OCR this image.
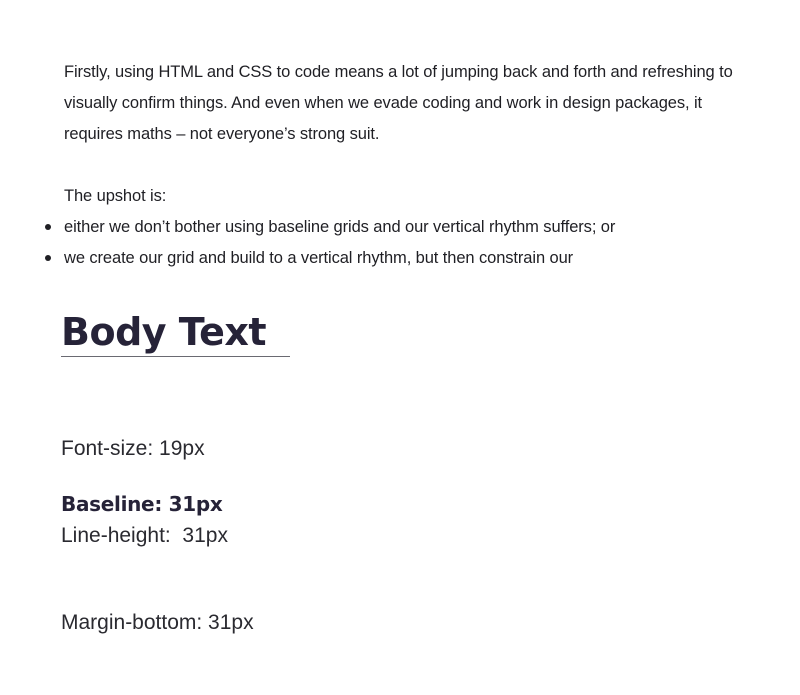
Firstly, using HTML and CSS to code means a lot of jumping back and forth and refreshing to visually confirm things. And even when we evade coding and work in design packages, it requires maths – not everyone’s strong suit.

The upshot is:

either we don’t bother using baseline grids and our vertical rhythm suffers; or
we create our grid and build to a vertical rhythm, but then constrain our
Body Text

Font-size: 19px

Line-height:  31px

Margin-bottom: 31px

Baseline: 31px
